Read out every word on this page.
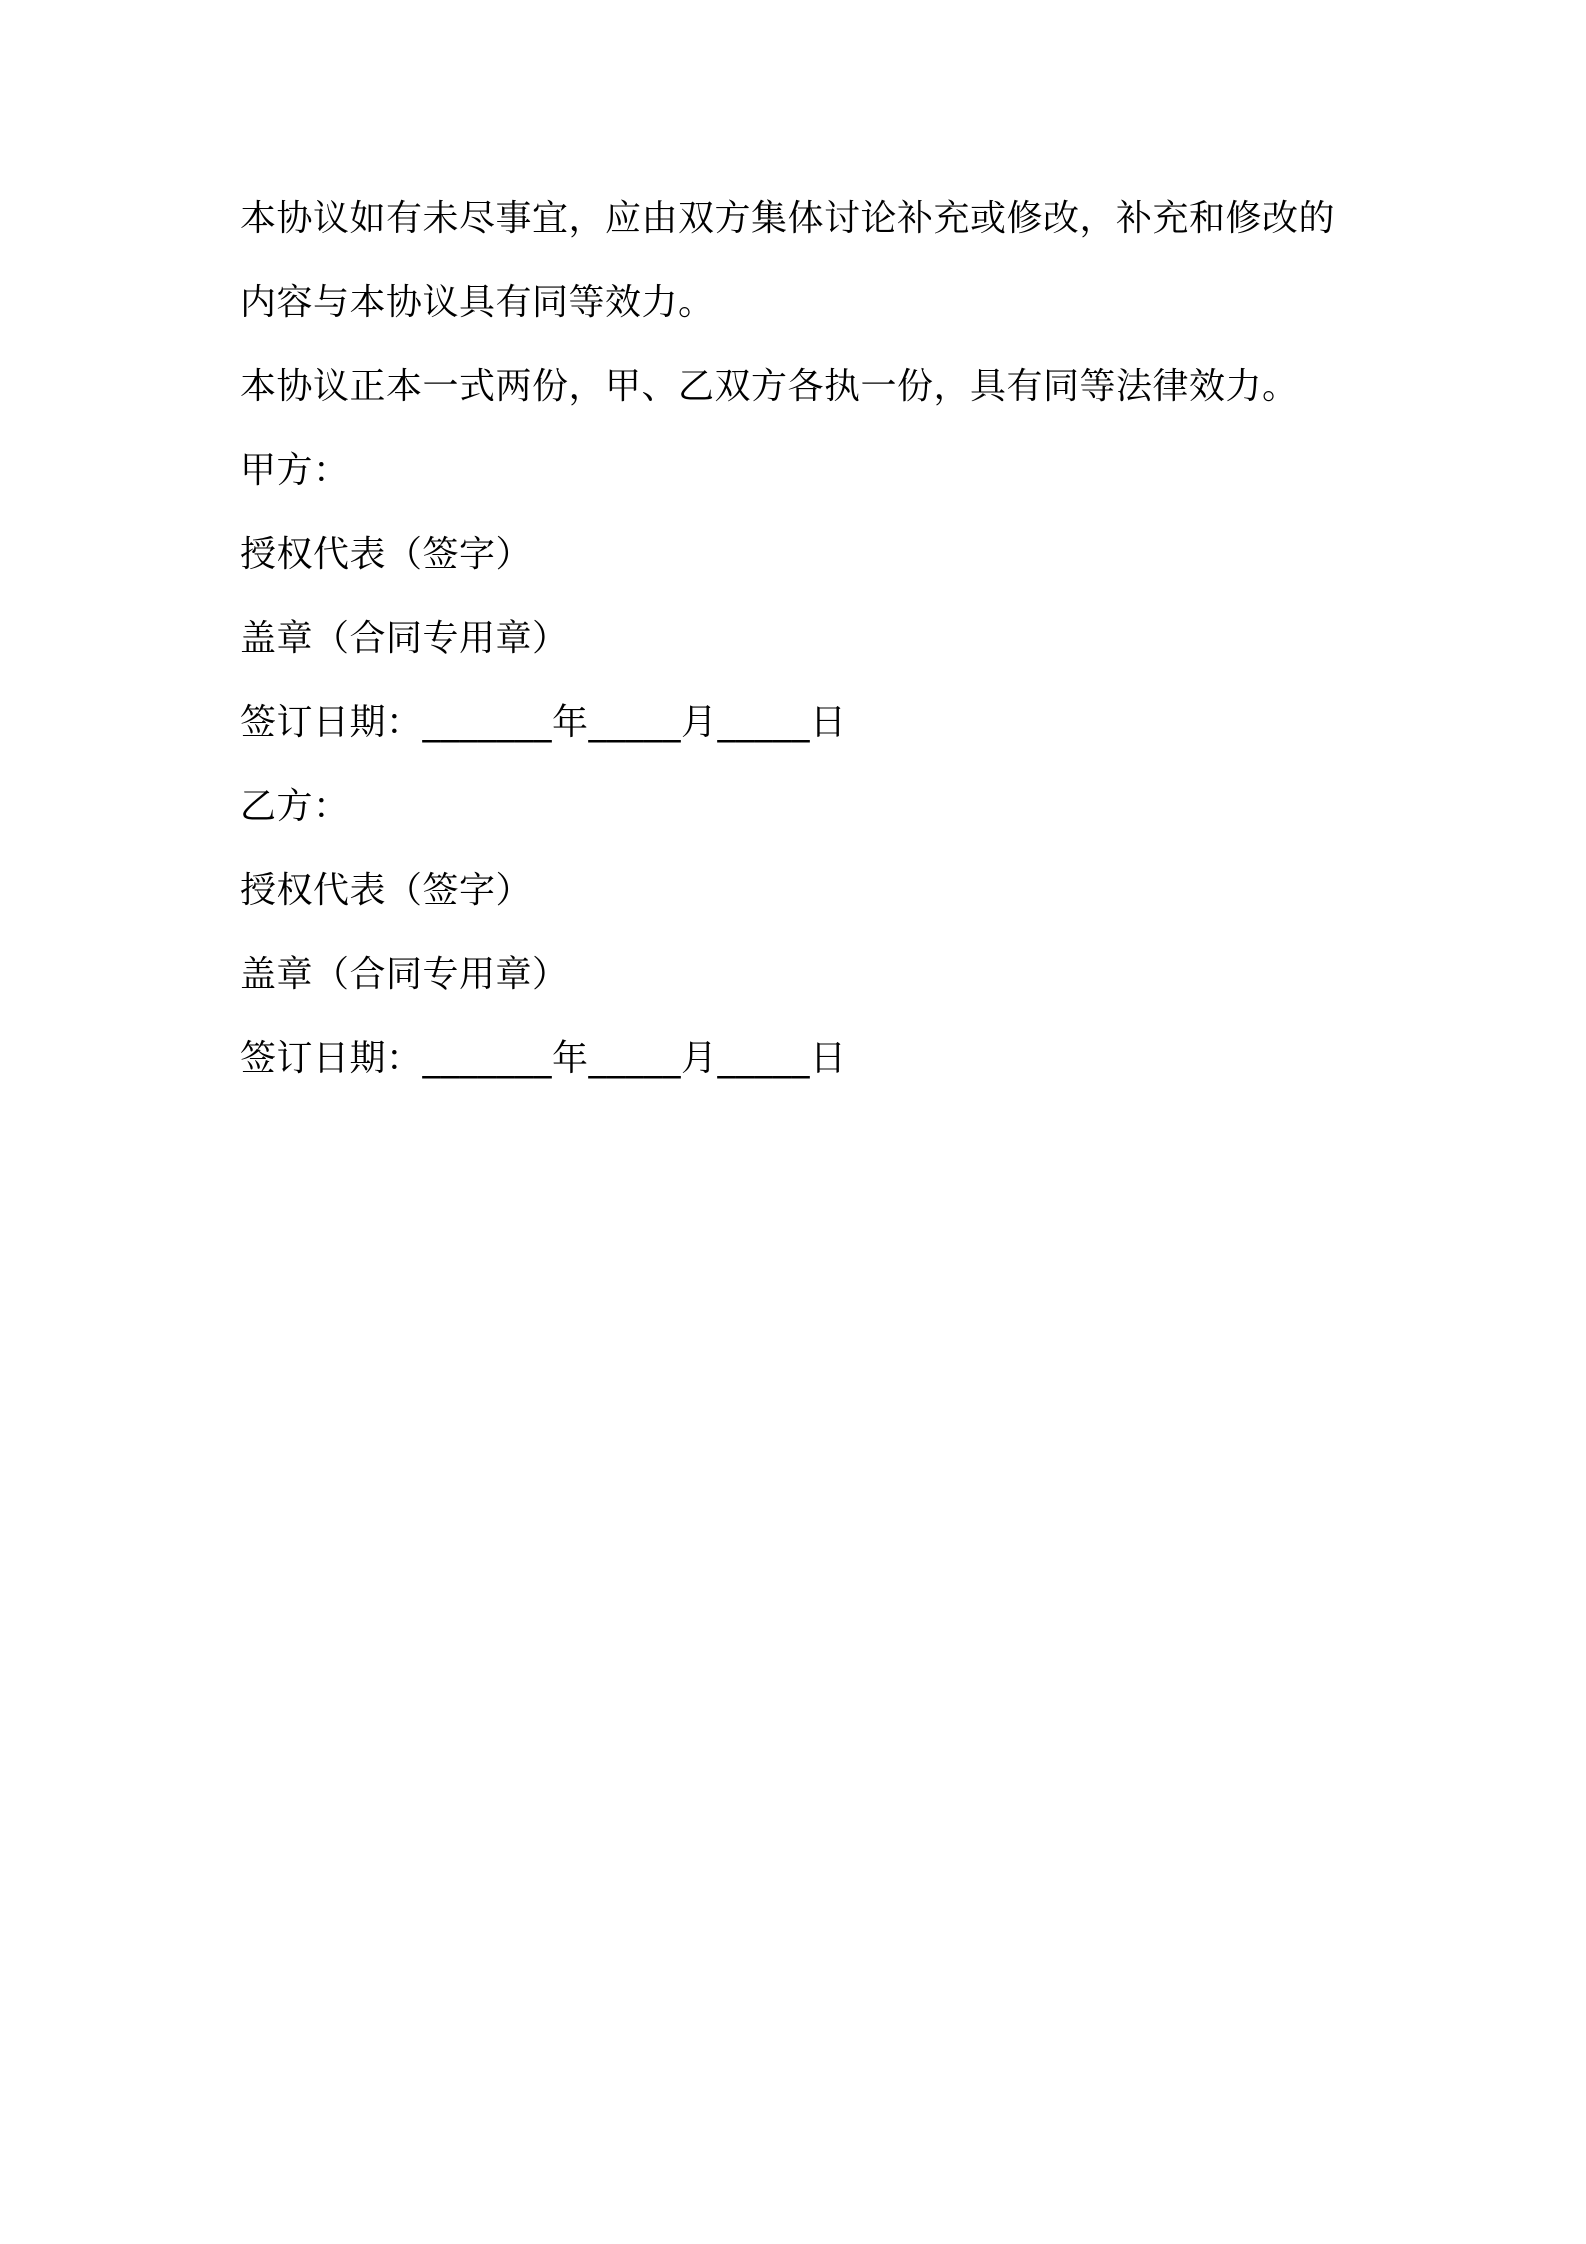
本协议如有未尽事宜，应由双方集体讨论补充或修改，补充和修改的

内容与本协议具有同等效力。

本协议正本一式两份，甲、乙双方各执一份，具有同等法律效力。

甲方：

授权代表（签字）

盖章（合同专用章）

签订日期：_______年_____月_____日

乙方：

授权代表（签字）

盖章（合同专用章）

签订日期：_______年_____月_____日
